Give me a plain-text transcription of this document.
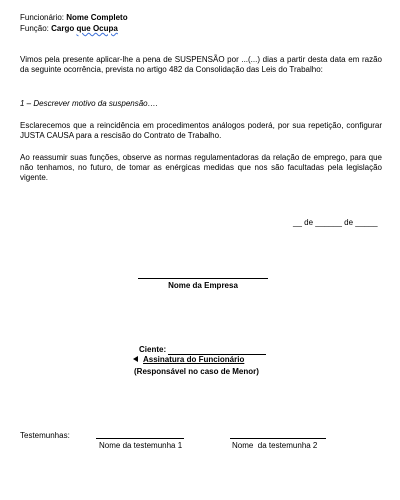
Funcionário: Nome Completo
Função: Cargo que Ocupa
Vimos pela presente aplicar-lhe a pena de SUSPENSÃO por ...(...) dias a partir desta data em razão da seguinte ocorrência, prevista no artigo 482 da Consolidação das Leis do Trabalho:
1 – Descrever motivo da suspensão….
Esclarecemos que a reincidência em procedimentos análogos poderá, por sua repetição, configurar JUSTA CAUSA para a rescisão do Contrato de Trabalho.
Ao reassumir suas funções, observe as normas regulamentadoras da relação de emprego, para que não tenhamos, no futuro, de tomar as enérgicas medidas que nos são facultadas pela legislação vigente.
__ de ______ de _____
Nome da Empresa
Ciente:
Assinatura do Funcionário
(Responsável no caso de Menor)
Testemunhas:
Nome da testemunha 1	Nome  da testemunha 2
